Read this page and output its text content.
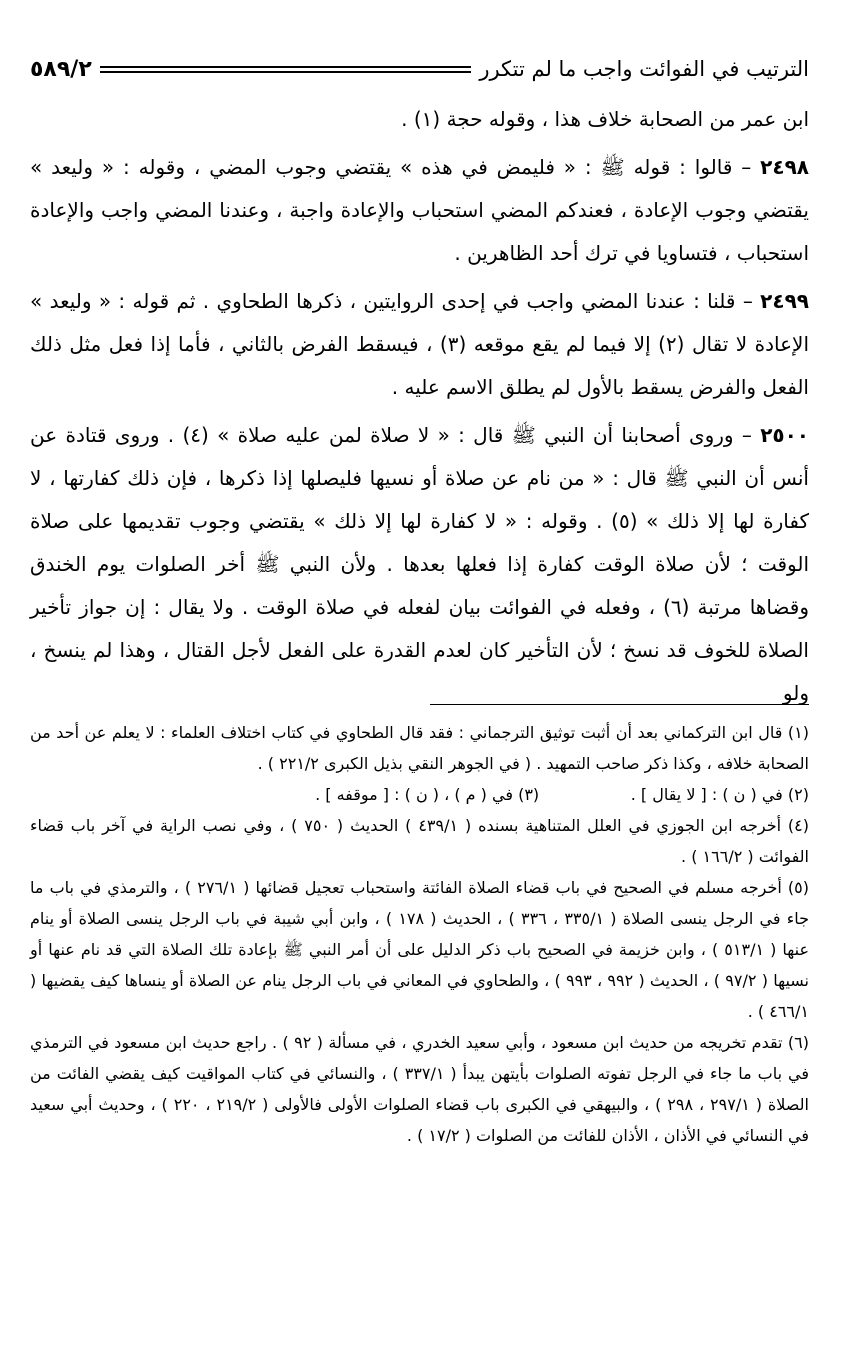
الترتيب في الفوائت واجب ما لم تتكرر
٥٨٩/٢

ابن عمر من الصحابة خلاف هذا ، وقوله حجة (١) .

٢٤٩٨ – قالوا : قوله ﷺ : « فليمض في هذه » يقتضي وجوب المضي ، وقوله : « وليعد » يقتضي وجوب الإعادة ، فعندكم المضي استحباب والإعادة واجبة ، وعندنا المضي واجب والإعادة استحباب ، فتساويا في ترك أحد الظاهرين .

٢٤٩٩ – قلنا : عندنا المضي واجب في إحدى الروايتين ، ذكرها الطحاوي . ثم قوله : « وليعد » الإعادة لا تقال (٢) إلا فيما لم يقع موقعه (٣) ، فيسقط الفرض بالثاني ، فأما إذا فعل مثل ذلك الفعل والفرض يسقط بالأول لم يطلق الاسم عليه .

٢٥٠٠ – وروى أصحابنا أن النبي ﷺ قال : « لا صلاة لمن عليه صلاة » (٤) . وروى قتادة عن أنس أن النبي ﷺ قال : « من نام عن صلاة أو نسيها فليصلها إذا ذكرها ، فإن ذلك كفارتها ، لا كفارة لها إلا ذلك » (٥) . وقوله : « لا كفارة لها إلا ذلك » يقتضي وجوب تقديمها على صلاة الوقت ؛ لأن صلاة الوقت كفارة إذا فعلها بعدها . ولأن النبي ﷺ أخر الصلوات يوم الخندق وقضاها مرتبة (٦) ، وفعله في الفوائت بيان لفعله في صلاة الوقت . ولا يقال : إن جواز تأخير الصلاة للخوف قد نسخ ؛ لأن التأخير كان لعدم القدرة على الفعل لأجل القتال ، وهذا لم ينسخ ، ولو

(١) قال ابن التركماني بعد أن أثبت توثيق الترجماني : فقد قال الطحاوي في كتاب اختلاف العلماء : لا يعلم عن أحد من الصحابة خلافه ، وكذا ذكر صاحب التمهيد . ( في الجوهر النقي بذيل الكبرى ٢٢١/٢ ) .

(٢) في ( ن ) : [ لا يقال ] .                  (٣) في ( م ) ، ( ن ) : [ موقفه ] .

(٤) أخرجه ابن الجوزي في العلل المتناهية بسنده ( ٤٣٩/١ ) الحديث ( ٧٥٠ ) ، وفي نصب الراية في آخر باب قضاء الفوائت ( ١٦٦/٢ ) .

(٥) أخرجه مسلم في الصحيح في باب قضاء الصلاة الفائتة واستحباب تعجيل قضائها ( ٢٧٦/١ ) ، والترمذي في باب ما جاء في الرجل ينسى الصلاة ( ٣٣٥/١ ، ٣٣٦ ) ، الحديث ( ١٧٨ ) ، وابن أبي شيبة في باب الرجل ينسى الصلاة أو ينام عنها ( ٥١٣/١ ) ، وابن خزيمة في الصحيح باب ذكر الدليل على أن أمر النبي ﷺ بإعادة تلك الصلاة التي قد نام عنها أو نسيها ( ٩٧/٢ ) ، الحديث ( ٩٩٢ ، ٩٩٣ ) ، والطحاوي في المعاني في باب الرجل ينام عن الصلاة أو ينساها كيف يقضيها ( ٤٦٦/١ ) .

(٦) تقدم تخريجه من حديث ابن مسعود ، وأبي سعيد الخدري ، في مسألة ( ٩٢ ) . راجع حديث ابن مسعود في الترمذي في باب ما جاء في الرجل تفوته الصلوات بأيتهن يبدأ ( ٣٣٧/١ ) ، والنسائي في كتاب المواقيت كيف يقضي الفائت من الصلاة ( ٢٩٧/١ ، ٢٩٨ ) ، والبيهقي في الكبرى باب قضاء الصلوات الأولى فالأولى ( ٢١٩/٢ ، ٢٢٠ ) ، وحديث أبي سعيد في النسائي في الأذان ، الأذان للفائت من الصلوات ( ١٧/٢ ) .
